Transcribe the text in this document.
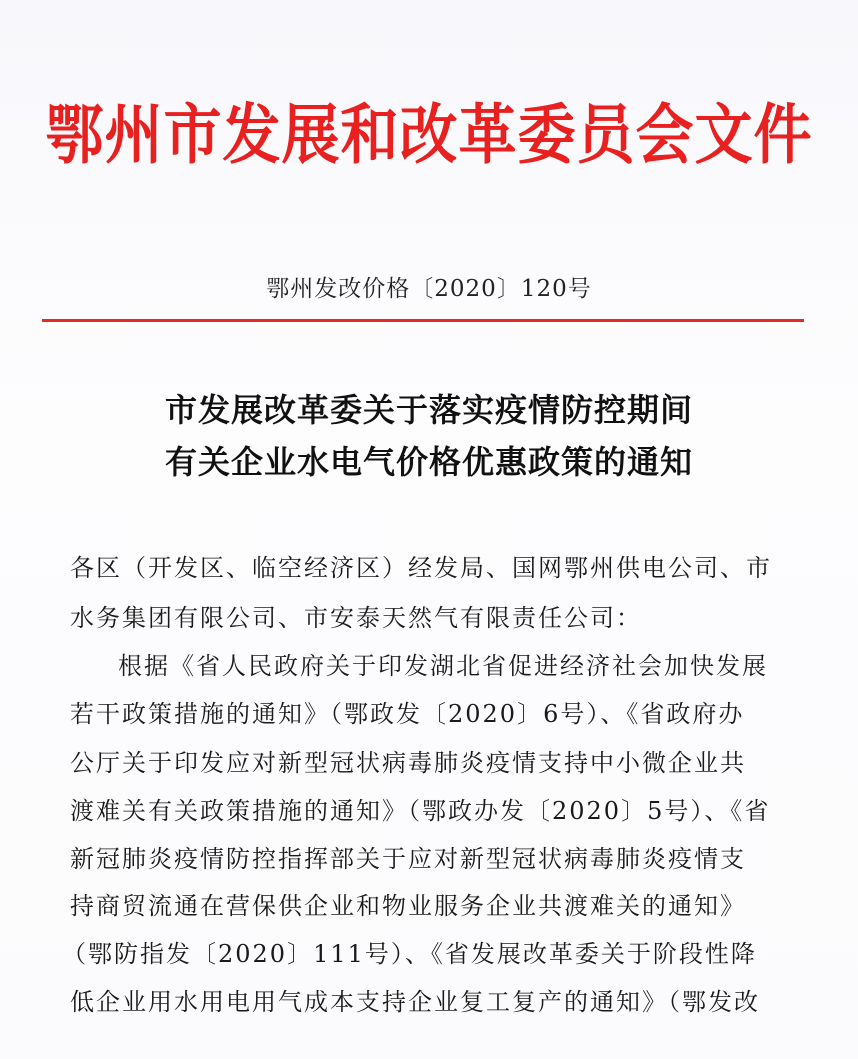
鄂州市发展和改革委员会文件
鄂州发改价格〔2020〕120号
市发展改革委关于落实疫情防控期间
有关企业水电气价格优惠政策的通知
各区（开发区、临空经济区）经发局、国网鄂州供电公司、市
水务集团有限公司、市安泰天然气有限责任公司：
根据《省人民政府关于印发湖北省促进经济社会加快发展
若干政策措施的通知》（鄂政发〔2020〕6号）、《省政府办
公厅关于印发应对新型冠状病毒肺炎疫情支持中小微企业共
渡难关有关政策措施的通知》（鄂政办发〔2020〕5号）、《省
新冠肺炎疫情防控指挥部关于应对新型冠状病毒肺炎疫情支
持商贸流通在营保供企业和物业服务企业共渡难关的通知》
（鄂防指发〔2020〕111号）、《省发展改革委关于阶段性降
低企业用水用电用气成本支持企业复工复产的通知》（鄂发改
